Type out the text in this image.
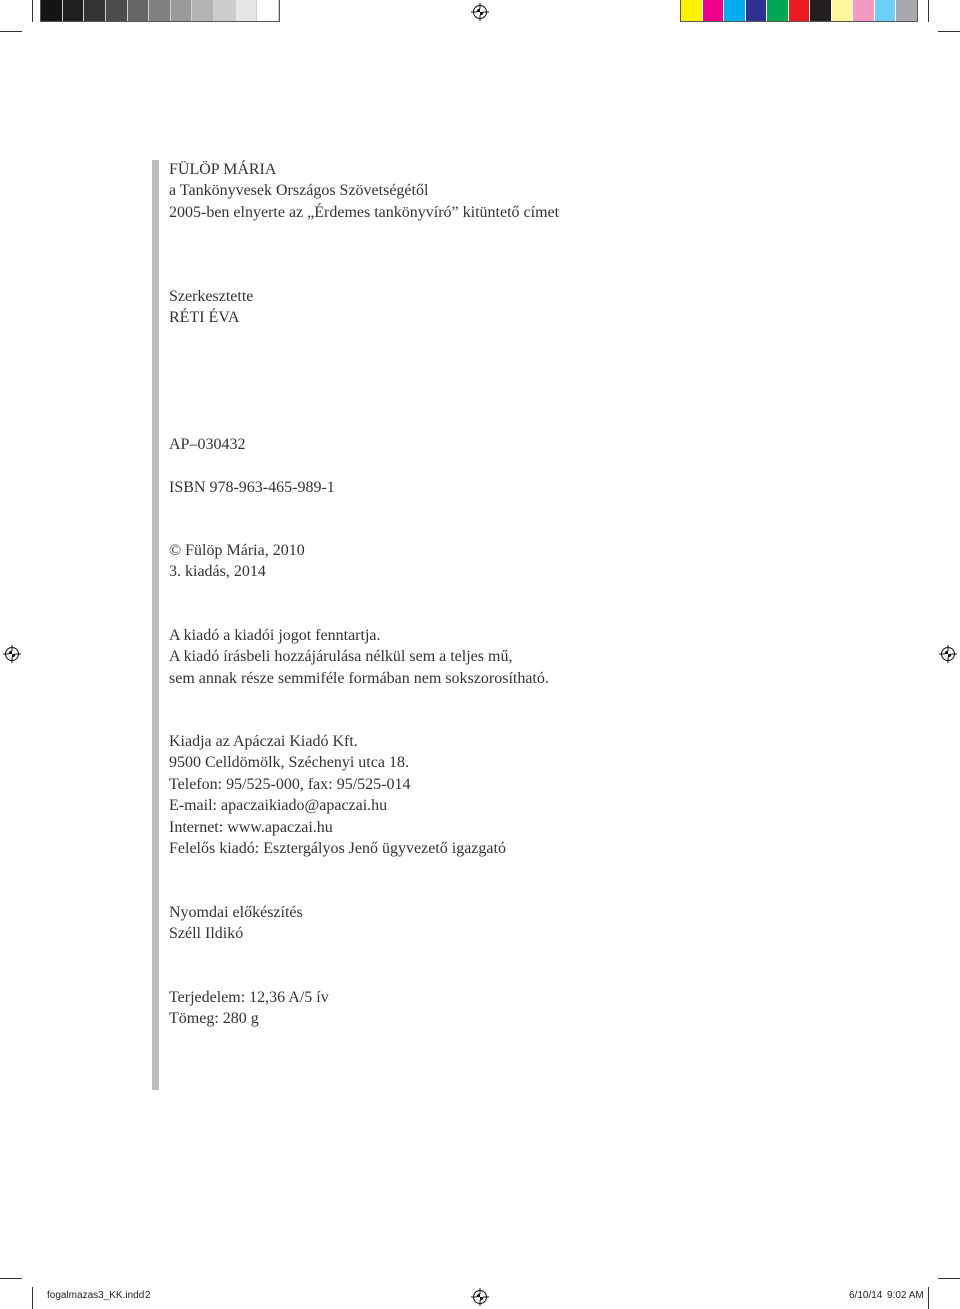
FÜLÖP MÁRIA
a Tankönyvesek Országos Szövetségétől
2005-ben elnyerte az „Érdemes tankönyvíró” kitüntető címet
Szerkesztette
RÉTI ÉVA
AP–030432
ISBN 978-963-465-989-1
© Fülöp Mária, 2010
3. kiadás, 2014
A kiadó a kiadói jogot fenntartja.
A kiadó írásbeli hozzájárulása nélkül sem a teljes mű,
sem annak része semmiféle formában nem sokszorosítható.
Kiadja az Apáczai Kiadó Kft.
9500 Celldömölk, Széchenyi utca 18.
Telefon: 95/525-000, fax: 95/525-014
E-mail: apaczaikiado@apaczai.hu
Internet: www.apaczai.hu
Felelős kiadó: Esztergályos Jenő ügyvezető igazgató
Nyomdai előkészítés
Széll Ildikó
Terjedelem: 12,36 A/5 ív
Tömeg: 280 g
fogalmazas3_KK.indd 2	6/10/14 9:02 AM
